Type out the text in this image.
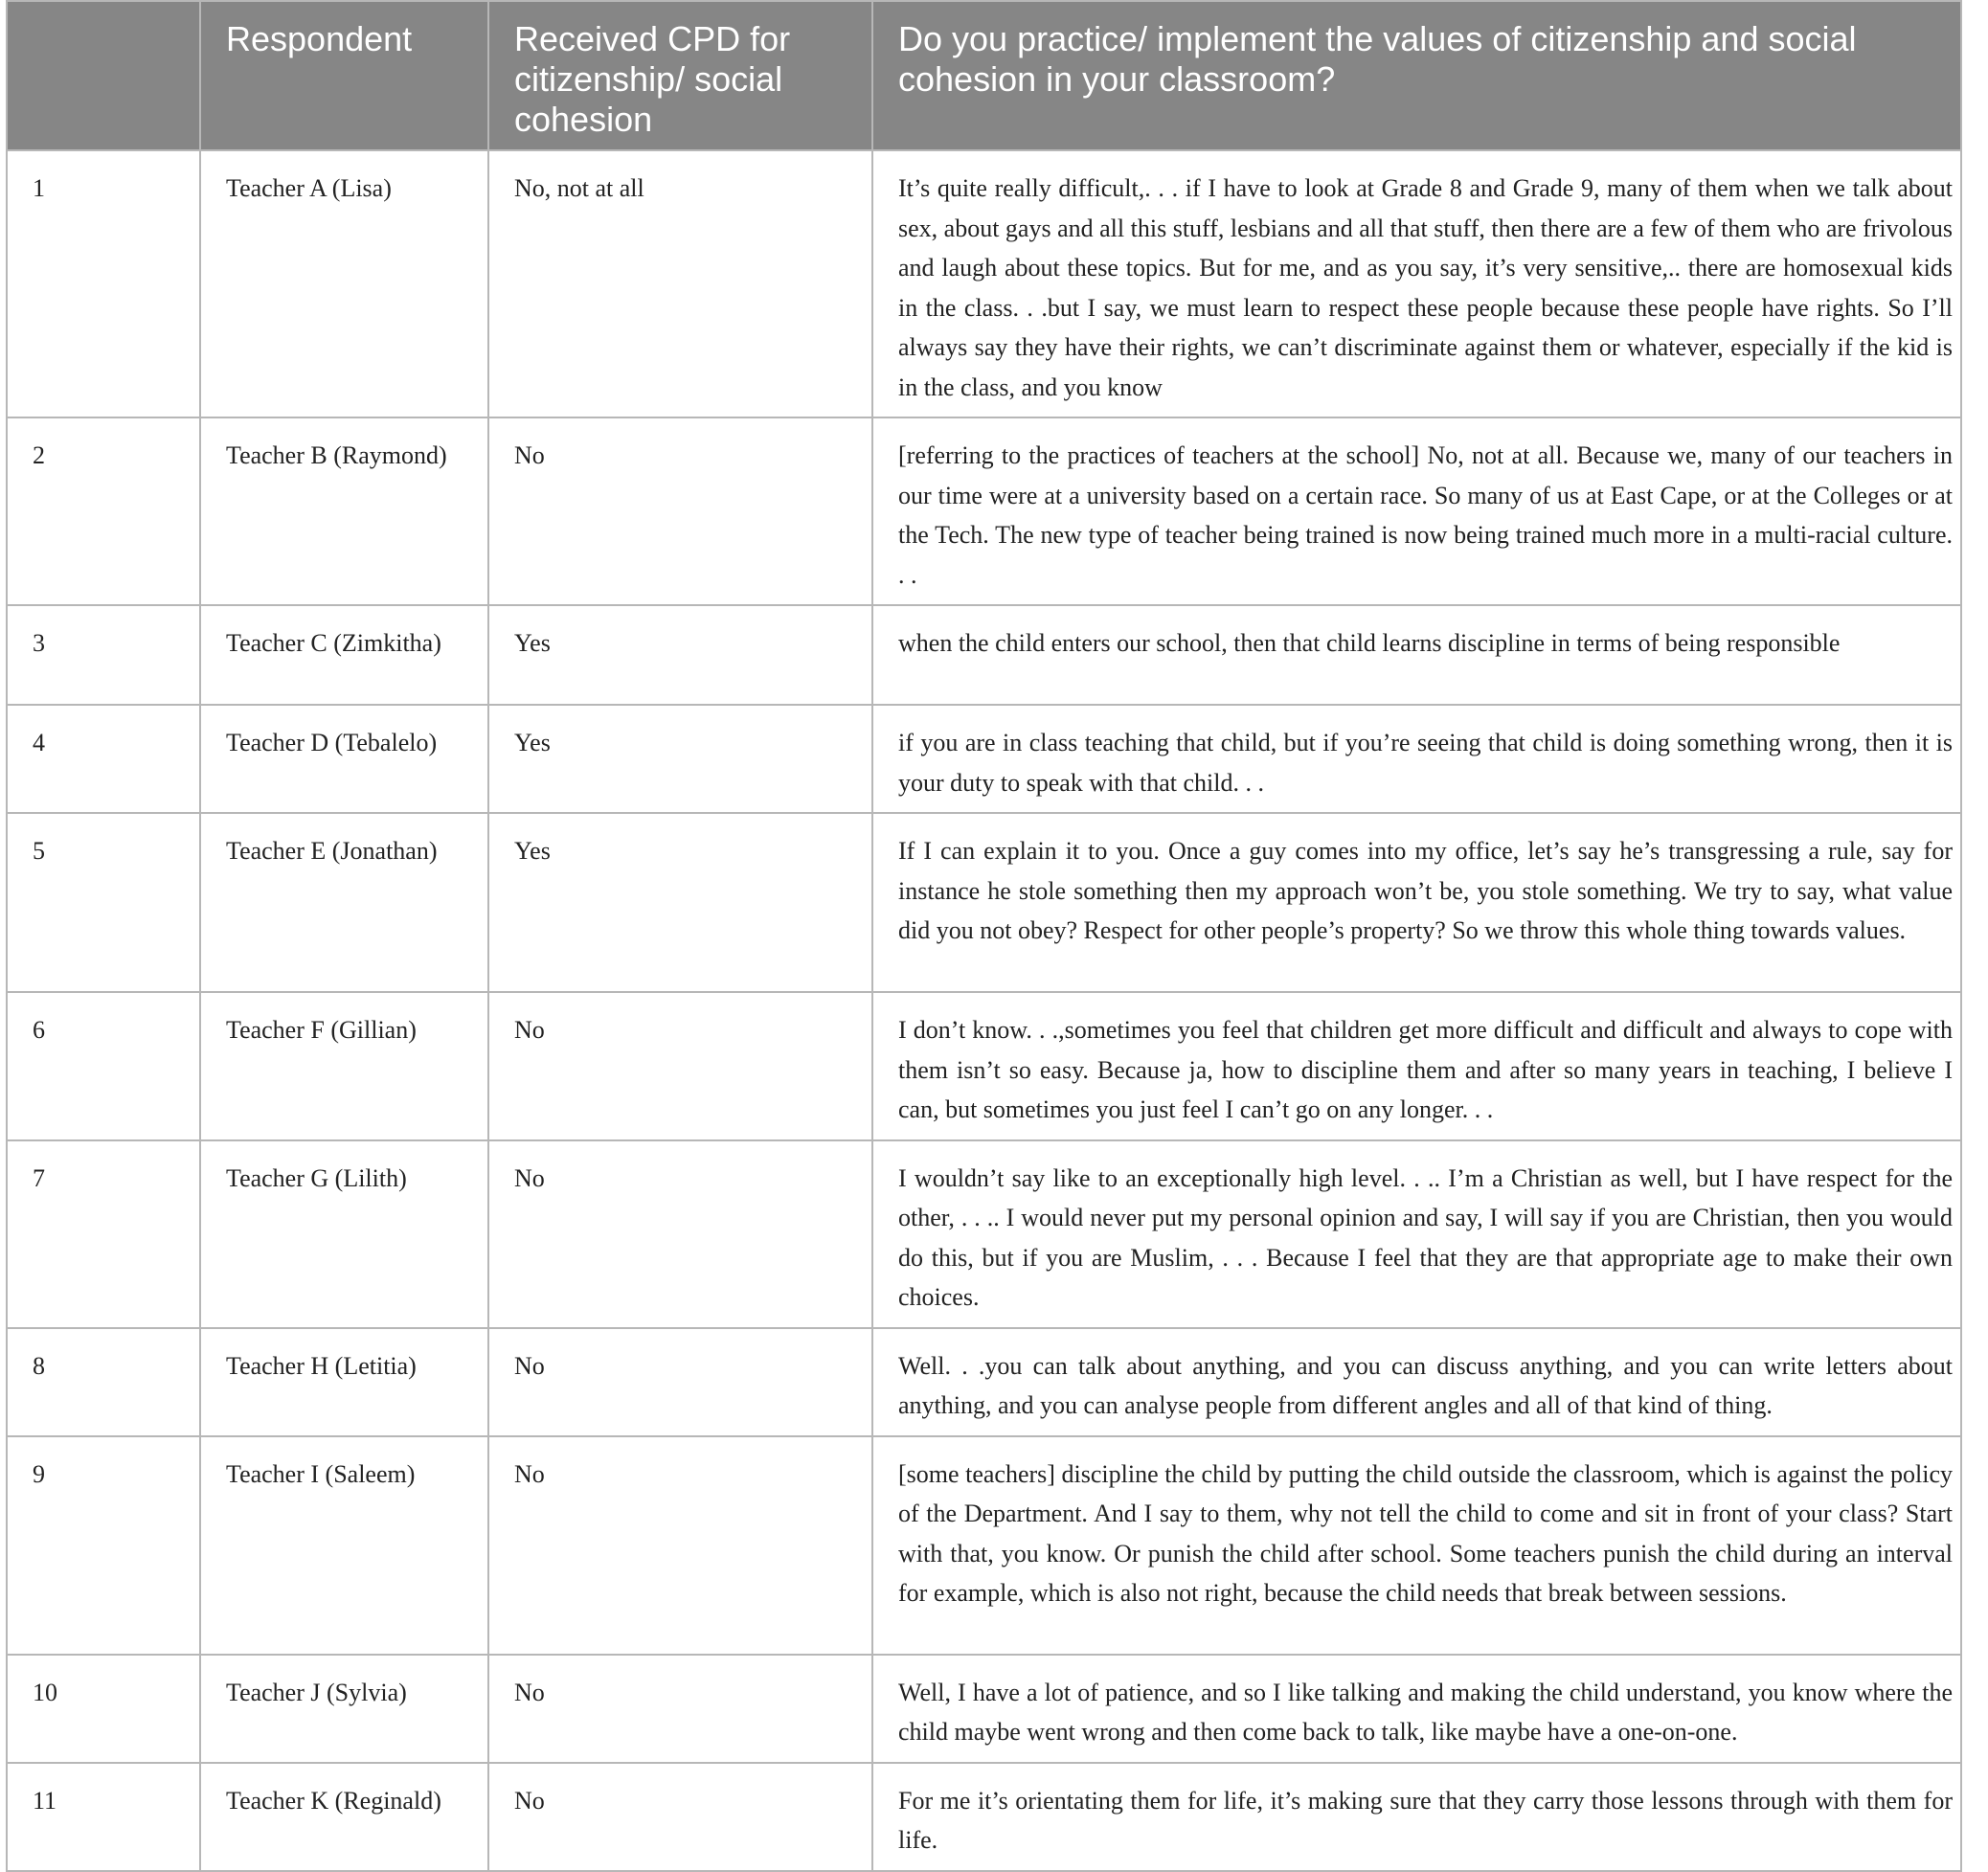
	Respondent	Received CPD for citizenship/ social cohesion	Do you practice/ implement the values of citizenship and social cohesion in your classroom?
1	Teacher A (Lisa)	No, not at all	It’s quite really difficult,. . . if I have to look at Grade 8 and Grade 9, many of them when we talk about sex, about gays and all this stuff, lesbians and all that stuff, then there are a few of them who are frivolous and laugh about these topics. But for me, and as you say, it’s very sensitive,.. there are homosexual kids in the class. . .but I say, we must learn to respect these people because these people have rights. So I’ll always say they have their rights, we can’t discriminate against them or whatever, especially if the kid is in the class, and you know
2	Teacher B (Raymond)	No	[referring to the practices of teachers at the school] No, not at all. Because we, many of our teachers in our time were at a university based on a certain race. So many of us at East Cape, or at the Colleges or at the Tech. The new type of teacher being trained is now being trained much more in a multi-racial culture. . .
3	Teacher C (Zimkitha)	Yes	when the child enters our school, then that child learns discipline in terms of being responsible
4	Teacher D (Tebalelo)	Yes	if you are in class teaching that child, but if you’re seeing that child is doing something wrong, then it is your duty to speak with that child. . .
5	Teacher E (Jonathan)	Yes	If I can explain it to you. Once a guy comes into my office, let’s say he’s transgressing a rule, say for instance he stole something then my approach won’t be, you stole something. We try to say, what value did you not obey? Respect for other people’s property? So we throw this whole thing towards values.
6	Teacher F (Gillian)	No	I don’t know. . .,sometimes you feel that children get more difficult and difficult and always to cope with them isn’t so easy. Because ja, how to discipline them and after so many years in teaching, I believe I can, but sometimes you just feel I can’t go on any longer. . .
7	Teacher G (Lilith)	No	I wouldn’t say like to an exceptionally high level. . .. I’m a Christian as well, but I have respect for the other, . . .. I would never put my personal opinion and say, I will say if you are Christian, then you would do this, but if you are Muslim, . . . Because I feel that they are that appropriate age to make their own choices.
8	Teacher H (Letitia)	No	Well. . .you can talk about anything, and you can discuss anything, and you can write letters about anything, and you can analyse people from different angles and all of that kind of thing.
9	Teacher I (Saleem)	No	[some teachers] discipline the child by putting the child outside the classroom, which is against the policy of the Department. And I say to them, why not tell the child to come and sit in front of your class? Start with that, you know. Or punish the child after school. Some teachers punish the child during an interval for example, which is also not right, because the child needs that break between sessions.
10	Teacher J (Sylvia)	No	Well, I have a lot of patience, and so I like talking and making the child understand, you know where the child maybe went wrong and then come back to talk, like maybe have a one-on-one.
11	Teacher K (Reginald)	No	For me it’s orientating them for life, it’s making sure that they carry those lessons through with them for life.
